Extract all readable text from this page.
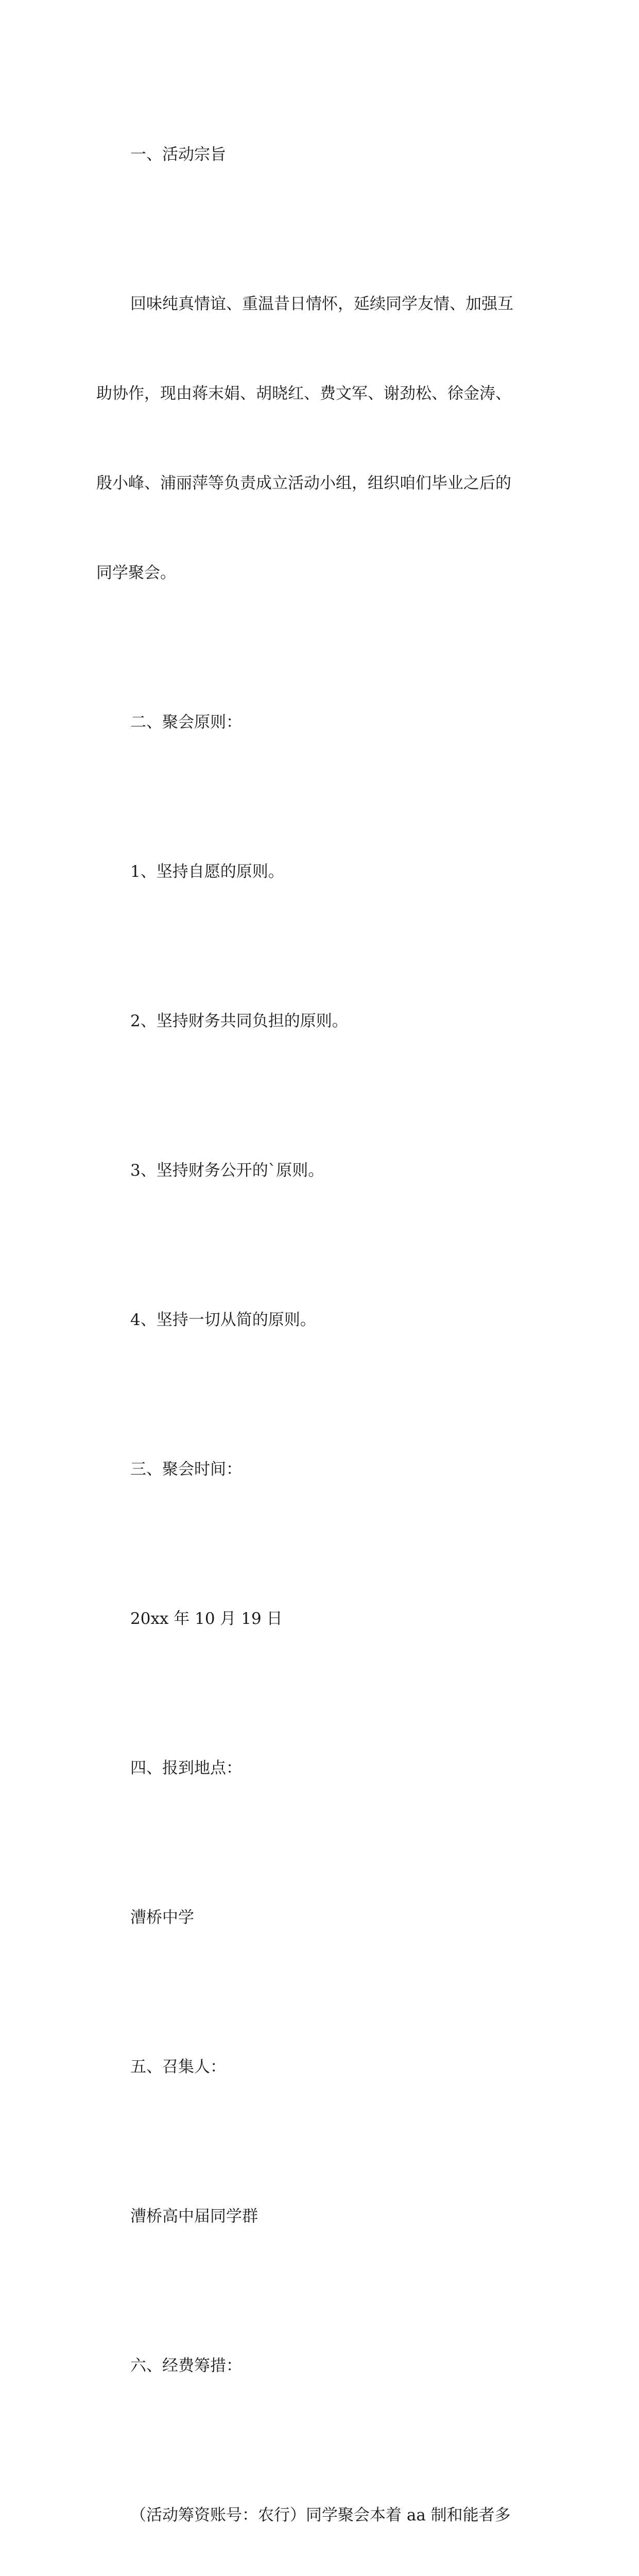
一、活动宗旨

回味纯真情谊、重温昔日情怀，延续同学友情、加强互

助协作，现由蒋末娟、胡晓红、费文军、谢劲松、徐金涛、

殷小峰、浦丽萍等负责成立活动小组，组织咱们毕业之后的

同学聚会。

二、聚会原则：

1、坚持自愿的原则。

2、坚持财务共同负担的原则。

3、坚持财务公开的`原则。

4、坚持一切从简的原则。

三、聚会时间：

20xx 年 10 月 19 日

四、报到地点：

漕桥中学

五、召集人：

漕桥高中届同学群

六、经费筹措：

（活动筹资账号：农行）同学聚会本着 aa 制和能者多
